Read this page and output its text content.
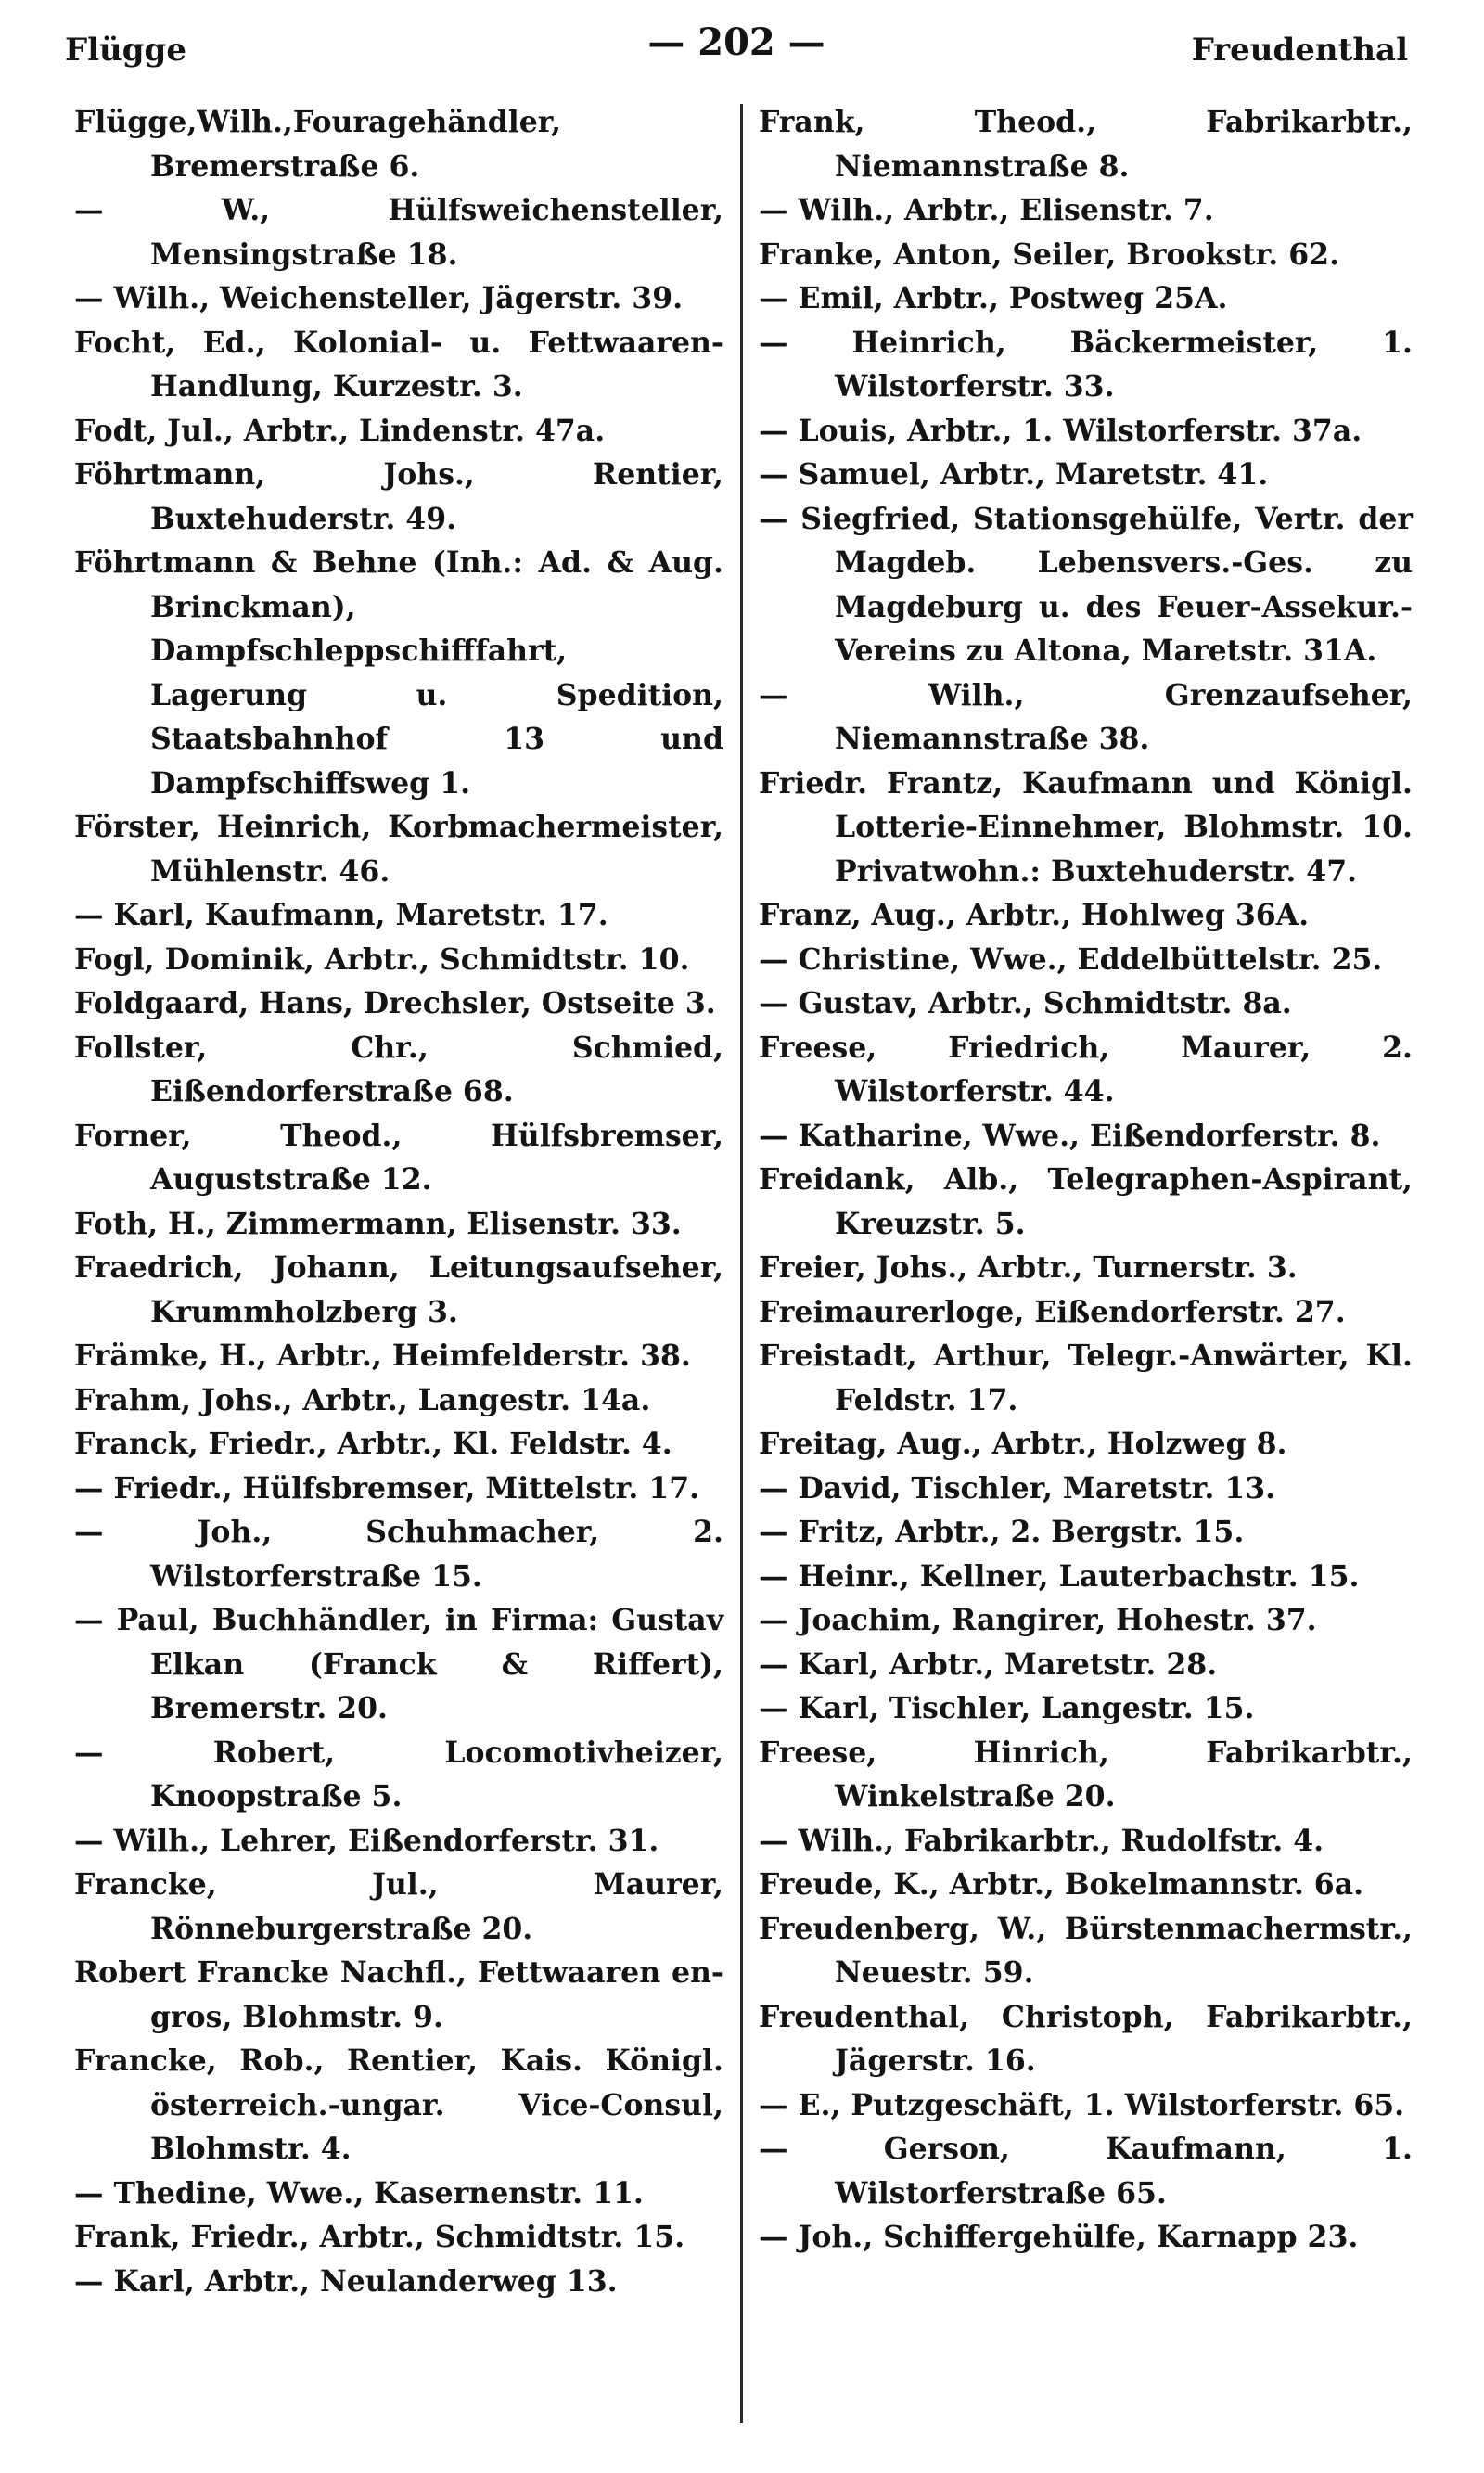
Flügge	— 202 —	Freudenthal

Flügge,Wilh.,Fouragehändler, Bremerstraße 6.

— W., Hülfsweichensteller, Mensingstraße 18.

— Wilh., Weichensteller, Jägerstr. 39.

Focht, Ed., Kolonial- u. Fettwaaren-Handlung, Kurzestr. 3.

Fodt, Jul., Arbtr., Lindenstr. 47a.

Föhrtmann, Johs., Rentier, Buxtehuderstr. 49.

Föhrtmann & Behne (Inh.: Ad. & Aug. Brinckman), Dampfschleppschifffahrt, Lagerung u. Spedition, Staatsbahnhof 13 und Dampfschiffsweg 1.

Förster, Heinrich, Korbmachermeister, Mühlenstr. 46.

— Karl, Kaufmann, Maretstr. 17.

Fogl, Dominik, Arbtr., Schmidtstr. 10.

Foldgaard, Hans, Drechsler, Ostseite 3.

Follster, Chr., Schmied, Eißendorferstraße 68.

Forner, Theod., Hülfsbremser, Auguststraße 12.

Foth, H., Zimmermann, Elisenstr. 33.

Fraedrich, Johann, Leitungsaufseher, Krummholzberg 3.

Främke, H., Arbtr., Heimfelderstr. 38.

Frahm, Johs., Arbtr., Langestr. 14a.

Franck, Friedr., Arbtr., Kl. Feldstr. 4.

— Friedr., Hülfsbremser, Mittelstr. 17.

— Joh., Schuhmacher, 2. Wilstorferstraße 15.

— Paul, Buchhändler, in Firma: Gustav Elkan (Franck & Riffert), Bremerstr. 20.

— Robert, Locomotivheizer, Knoopstraße 5.

— Wilh., Lehrer, Eißendorferstr. 31.

Francke, Jul., Maurer, Rönneburgerstraße 20.

Robert Francke Nachfl., Fettwaaren en-gros, Blohmstr. 9.

Francke, Rob., Rentier, Kais. Königl. österreich.-ungar. Vice-Consul, Blohmstr. 4.

— Thedine, Wwe., Kasernenstr. 11.

Frank, Friedr., Arbtr., Schmidtstr. 15.

— Karl, Arbtr., Neulanderweg 13.

Frank, Theod., Fabrikarbtr., Niemannstraße 8.

— Wilh., Arbtr., Elisenstr. 7.

Franke, Anton, Seiler, Brookstr. 62.

— Emil, Arbtr., Postweg 25A.

— Heinrich, Bäckermeister, 1. Wilstorferstr. 33.

— Louis, Arbtr., 1. Wilstorferstr. 37a.

— Samuel, Arbtr., Maretstr. 41.

— Siegfried, Stationsgehülfe, Vertr. der Magdeb. Lebensvers.-Ges. zu Magdeburg u. des Feuer-Assekur.-Vereins zu Altona, Maretstr. 31A.

— Wilh., Grenzaufseher, Niemannstraße 38.

Friedr. Frantz, Kaufmann und Königl. Lotterie-Einnehmer, Blohmstr. 10. Privatwohn.: Buxtehuderstr. 47.

Franz, Aug., Arbtr., Hohlweg 36A.

— Christine, Wwe., Eddelbüttelstr. 25.

— Gustav, Arbtr., Schmidtstr. 8a.

Freese, Friedrich, Maurer, 2. Wilstorferstr. 44.

— Katharine, Wwe., Eißendorferstr. 8.

Freidank, Alb., Telegraphen-Aspirant, Kreuzstr. 5.

Freier, Johs., Arbtr., Turnerstr. 3.

Freimaurerloge, Eißendorferstr. 27.

Freistadt, Arthur, Telegr.-Anwärter, Kl. Feldstr. 17.

Freitag, Aug., Arbtr., Holzweg 8.

— David, Tischler, Maretstr. 13.

— Fritz, Arbtr., 2. Bergstr. 15.

— Heinr., Kellner, Lauterbachstr. 15.

— Joachim, Rangirer, Hohestr. 37.

— Karl, Arbtr., Maretstr. 28.

— Karl, Tischler, Langestr. 15.

Freese, Hinrich, Fabrikarbtr., Winkelstraße 20.

— Wilh., Fabrikarbtr., Rudolfstr. 4.

Freude, K., Arbtr., Bokelmannstr. 6a.

Freudenberg, W., Bürstenmachermstr., Neuestr. 59.

Freudenthal, Christoph, Fabrikarbtr., Jägerstr. 16.

— E., Putzgeschäft, 1. Wilstorferstr. 65.

— Gerson, Kaufmann, 1. Wilstorferstraße 65.

— Joh., Schiffergehülfe, Karnapp 23.
